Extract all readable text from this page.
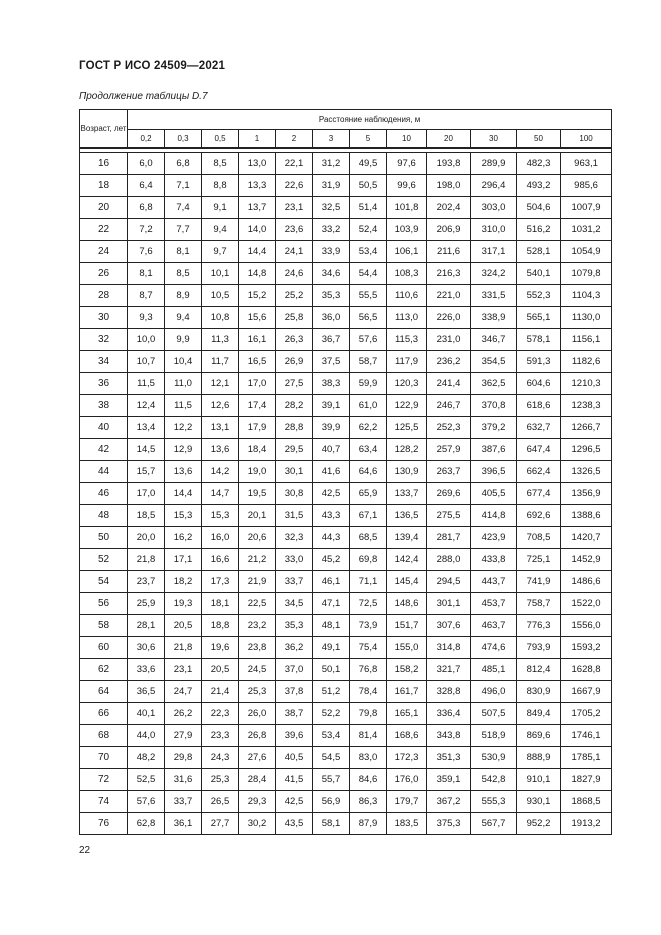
ГОСТ Р ИСО 24509—2021
Продолжение таблицы D.7
Возраст, лет	Расстояние наблюдения, м											
	0,2	0,3	0,5	1	2	3	5	10	20	30	50	100

16	6,0	6,8	8,5	13,0	22,1	31,2	49,5	97,6	193,8	289,9	482,3	963,1
18	6,4	7,1	8,8	13,3	22,6	31,9	50,5	99,6	198,0	296,4	493,2	985,6
20	6,8	7,4	9,1	13,7	23,1	32,5	51,4	101,8	202,4	303,0	504,6	1007,9
22	7,2	7,7	9,4	14,0	23,6	33,2	52,4	103,9	206,9	310,0	516,2	1031,2
24	7,6	8,1	9,7	14,4	24,1	33,9	53,4	106,1	211,6	317,1	528,1	1054,9
26	8,1	8,5	10,1	14,8	24,6	34,6	54,4	108,3	216,3	324,2	540,1	1079,8
28	8,7	8,9	10,5	15,2	25,2	35,3	55,5	110,6	221,0	331,5	552,3	1104,3
30	9,3	9,4	10,8	15,6	25,8	36,0	56,5	113,0	226,0	338,9	565,1	1130,0
32	10,0	9,9	11,3	16,1	26,3	36,7	57,6	115,3	231,0	346,7	578,1	1156,1
34	10,7	10,4	11,7	16,5	26,9	37,5	58,7	117,9	236,2	354,5	591,3	1182,6
36	11,5	11,0	12,1	17,0	27,5	38,3	59,9	120,3	241,4	362,5	604,6	1210,3
38	12,4	11,5	12,6	17,4	28,2	39,1	61,0	122,9	246,7	370,8	618,6	1238,3
40	13,4	12,2	13,1	17,9	28,8	39,9	62,2	125,5	252,3	379,2	632,7	1266,7
42	14,5	12,9	13,6	18,4	29,5	40,7	63,4	128,2	257,9	387,6	647,4	1296,5
44	15,7	13,6	14,2	19,0	30,1	41,6	64,6	130,9	263,7	396,5	662,4	1326,5
46	17,0	14,4	14,7	19,5	30,8	42,5	65,9	133,7	269,6	405,5	677,4	1356,9
48	18,5	15,3	15,3	20,1	31,5	43,3	67,1	136,5	275,5	414,8	692,6	1388,6
50	20,0	16,2	16,0	20,6	32,3	44,3	68,5	139,4	281,7	423,9	708,5	1420,7
52	21,8	17,1	16,6	21,2	33,0	45,2	69,8	142,4	288,0	433,8	725,1	1452,9
54	23,7	18,2	17,3	21,9	33,7	46,1	71,1	145,4	294,5	443,7	741,9	1486,6
56	25,9	19,3	18,1	22,5	34,5	47,1	72,5	148,6	301,1	453,7	758,7	1522,0
58	28,1	20,5	18,8	23,2	35,3	48,1	73,9	151,7	307,6	463,7	776,3	1556,0
60	30,6	21,8	19,6	23,8	36,2	49,1	75,4	155,0	314,8	474,6	793,9	1593,2
62	33,6	23,1	20,5	24,5	37,0	50,1	76,8	158,2	321,7	485,1	812,4	1628,8
64	36,5	24,7	21,4	25,3	37,8	51,2	78,4	161,7	328,8	496,0	830,9	1667,9
66	40,1	26,2	22,3	26,0	38,7	52,2	79,8	165,1	336,4	507,5	849,4	1705,2
68	44,0	27,9	23,3	26,8	39,6	53,4	81,4	168,6	343,8	518,9	869,6	1746,1
70	48,2	29,8	24,3	27,6	40,5	54,5	83,0	172,3	351,3	530,9	888,9	1785,1
72	52,5	31,6	25,3	28,4	41,5	55,7	84,6	176,0	359,1	542,8	910,1	1827,9
74	57,6	33,7	26,5	29,3	42,5	56,9	86,3	179,7	367,2	555,3	930,1	1868,5
76	62,8	36,1	27,7	30,2	43,5	58,1	87,9	183,5	375,3	567,7	952,2	1913,2
22
